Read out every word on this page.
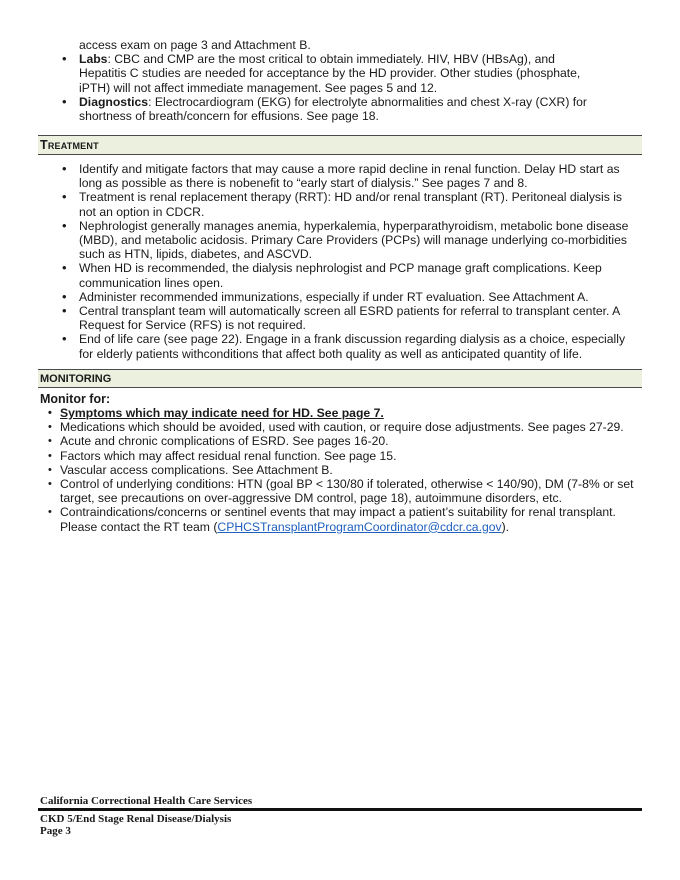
access exam on page 3 and Attachment B.
• Labs: CBC and CMP are the most critical to obtain immediately. HIV, HBV (HBsAg), and Hepatitis C studies are needed for acceptance by the HD provider. Other studies (phosphate, iPTH) will not affect immediate management. See pages 5 and 12.
• Diagnostics: Electrocardiogram (EKG) for electrolyte abnormalities and chest X-ray (CXR) for shortness of breath/concern for effusions. See page 18.
Treatment
• Identify and mitigate factors that may cause a more rapid decline in renal function. Delay HD start as long as possible as there is nobenefit to “early start of dialysis.” See pages 7 and 8.
• Treatment is renal replacement therapy (RRT): HD and/or renal transplant (RT). Peritoneal dialysis is not an option in CDCR.
• Nephrologist generally manages anemia, hyperkalemia, hyperparathyroidism, metabolic bone disease (MBD), and metabolic acidosis. Primary Care Providers (PCPs) will manage underlying co-morbidities such as HTN, lipids, diabetes, and ASCVD.
• When HD is recommended, the dialysis nephrologist and PCP manage graft complications. Keep communication lines open.
• Administer recommended immunizations, especially if under RT evaluation. See Attachment A.
• Central transplant team will automatically screen all ESRD patients for referral to transplant center. A Request for Service (RFS) is not required.
• End of life care (see page 22). Engage in a frank discussion regarding dialysis as a choice, especially for elderly patients withconditions that affect both quality as well as anticipated quantity of life.
MONITORING
Monitor for:
• Symptoms which may indicate need for HD. See page 7.
• Medications which should be avoided, used with caution, or require dose adjustments. See pages 27-29.
• Acute and chronic complications of ESRD. See pages 16-20.
• Factors which may affect residual renal function. See page 15.
• Vascular access complications. See Attachment B.
• Control of underlying conditions: HTN (goal BP < 130/80 if tolerated, otherwise < 140/90), DM (7-8% or set target, see precautions on over-aggressive DM control, page 18), autoimmune disorders, etc.
• Contraindications/concerns or sentinel events that may impact a patient’s suitability for renal transplant. Please contact the RT team (CPHCSTransplantProgramCoordinator@cdcr.ca.gov).
California Correctional Health Care Services
CKD 5/End Stage Renal Disease/Dialysis
Page 3
